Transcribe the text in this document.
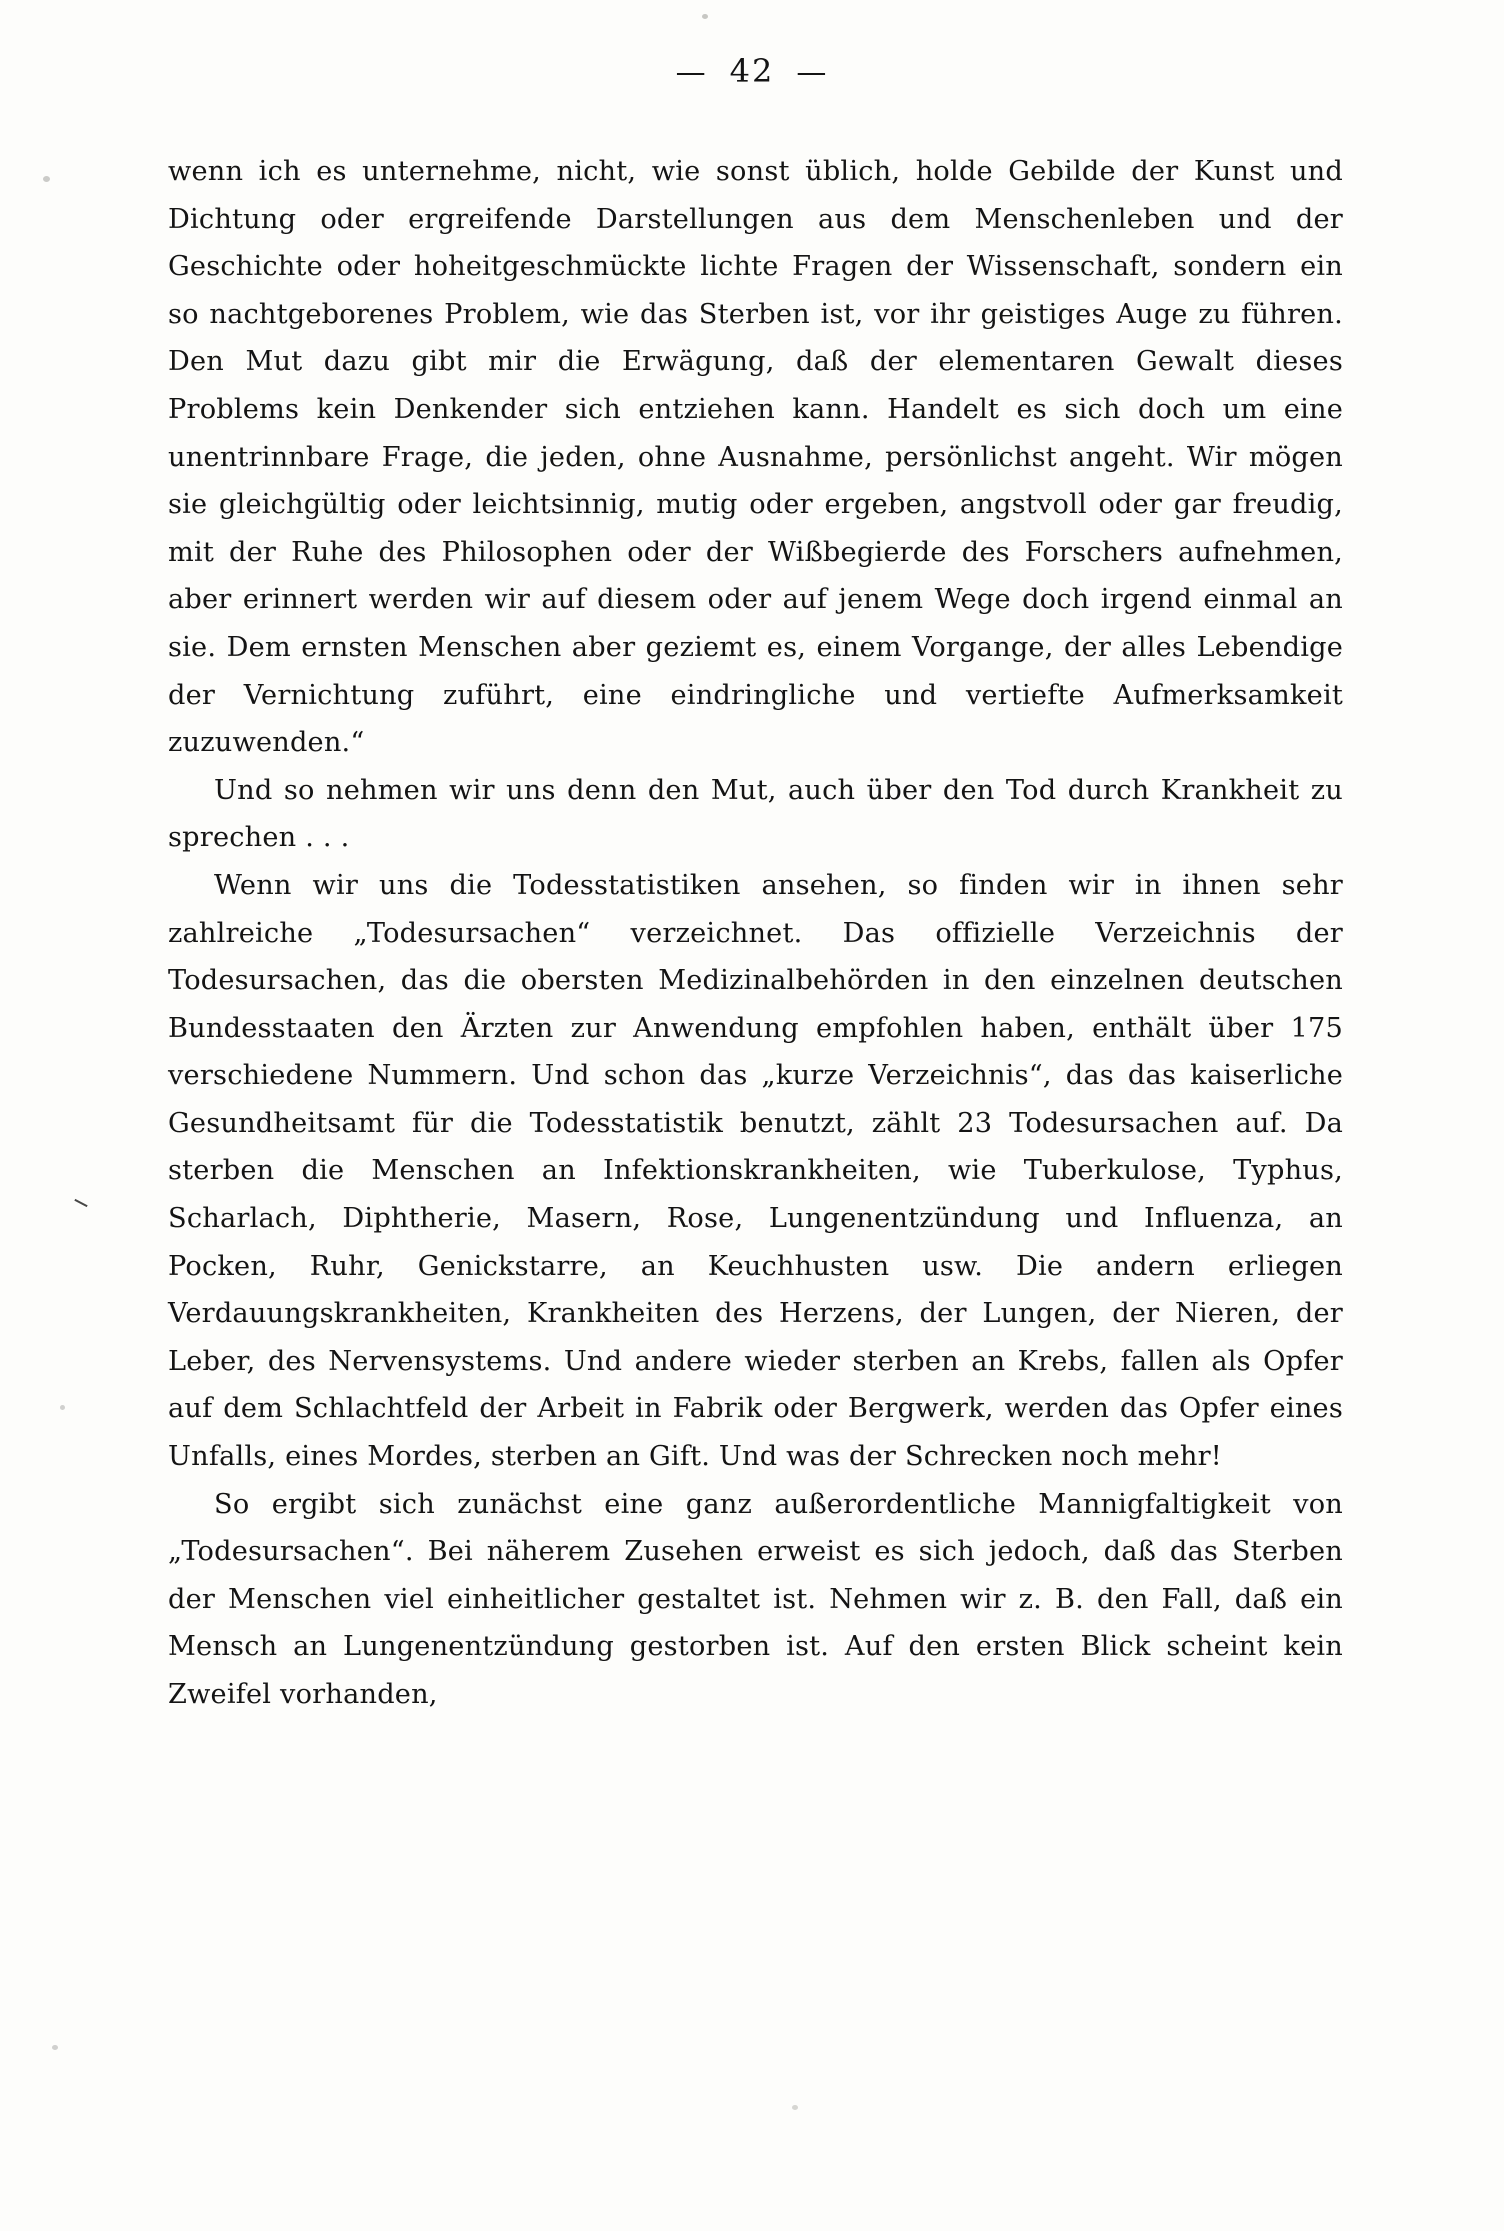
— 42 —

wenn ich es unternehme, nicht, wie sonst üblich, holde Gebilde der Kunst und Dichtung oder ergreifende Darstellungen aus dem Menschenleben und der Geschichte oder hoheitgeschmückte lichte Fragen der Wissenschaft, sondern ein so nachtgeborenes Problem, wie das Sterben ist, vor ihr geistiges Auge zu führen. Den Mut dazu gibt mir die Erwägung, daß der elementaren Gewalt dieses Problems kein Denkender sich entziehen kann. Handelt es sich doch um eine unentrinnbare Frage, die jeden, ohne Ausnahme, persönlichst angeht. Wir mögen sie gleichgültig oder leichtsinnig, mutig oder ergeben, angstvoll oder gar freudig, mit der Ruhe des Philosophen oder der Wißbegierde des Forschers aufnehmen, aber erinnert werden wir auf diesem oder auf jenem Wege doch irgend einmal an sie. Dem ernsten Menschen aber geziemt es, einem Vorgange, der alles Lebendige der Vernichtung zuführt, eine eindringliche und vertiefte Aufmerksamkeit zuzuwenden.“

Und so nehmen wir uns denn den Mut, auch über den Tod durch Krankheit zu sprechen . . .

Wenn wir uns die Todesstatistiken ansehen, so finden wir in ihnen sehr zahlreiche „Todesursachen“ verzeichnet. Das offizielle Verzeichnis der Todesursachen, das die obersten Medizinalbehörden in den einzelnen deutschen Bundesstaaten den Ärzten zur Anwendung empfohlen haben, enthält über 175 verschiedene Nummern. Und schon das „kurze Verzeichnis“, das das kaiserliche Gesundheitsamt für die Todesstatistik benutzt, zählt 23 Todesursachen auf. Da sterben die Menschen an Infektionskrankheiten, wie Tuberkulose, Typhus, Scharlach, Diphtherie, Masern, Rose, Lungenentzündung und Influenza, an Pocken, Ruhr, Genickstarre, an Keuchhusten usw. Die andern erliegen Verdauungskrankheiten, Krankheiten des Herzens, der Lungen, der Nieren, der Leber, des Nervensystems. Und andere wieder sterben an Krebs, fallen als Opfer auf dem Schlachtfeld der Arbeit in Fabrik oder Bergwerk, werden das Opfer eines Unfalls, eines Mordes, sterben an Gift. Und was der Schrecken noch mehr!

So ergibt sich zunächst eine ganz außerordentliche Mannigfaltigkeit von „Todesursachen“. Bei näherem Zusehen erweist es sich jedoch, daß das Sterben der Menschen viel einheitlicher gestaltet ist. Nehmen wir z. B. den Fall, daß ein Mensch an Lungenentzündung gestorben ist. Auf den ersten Blick scheint kein Zweifel vorhanden,
